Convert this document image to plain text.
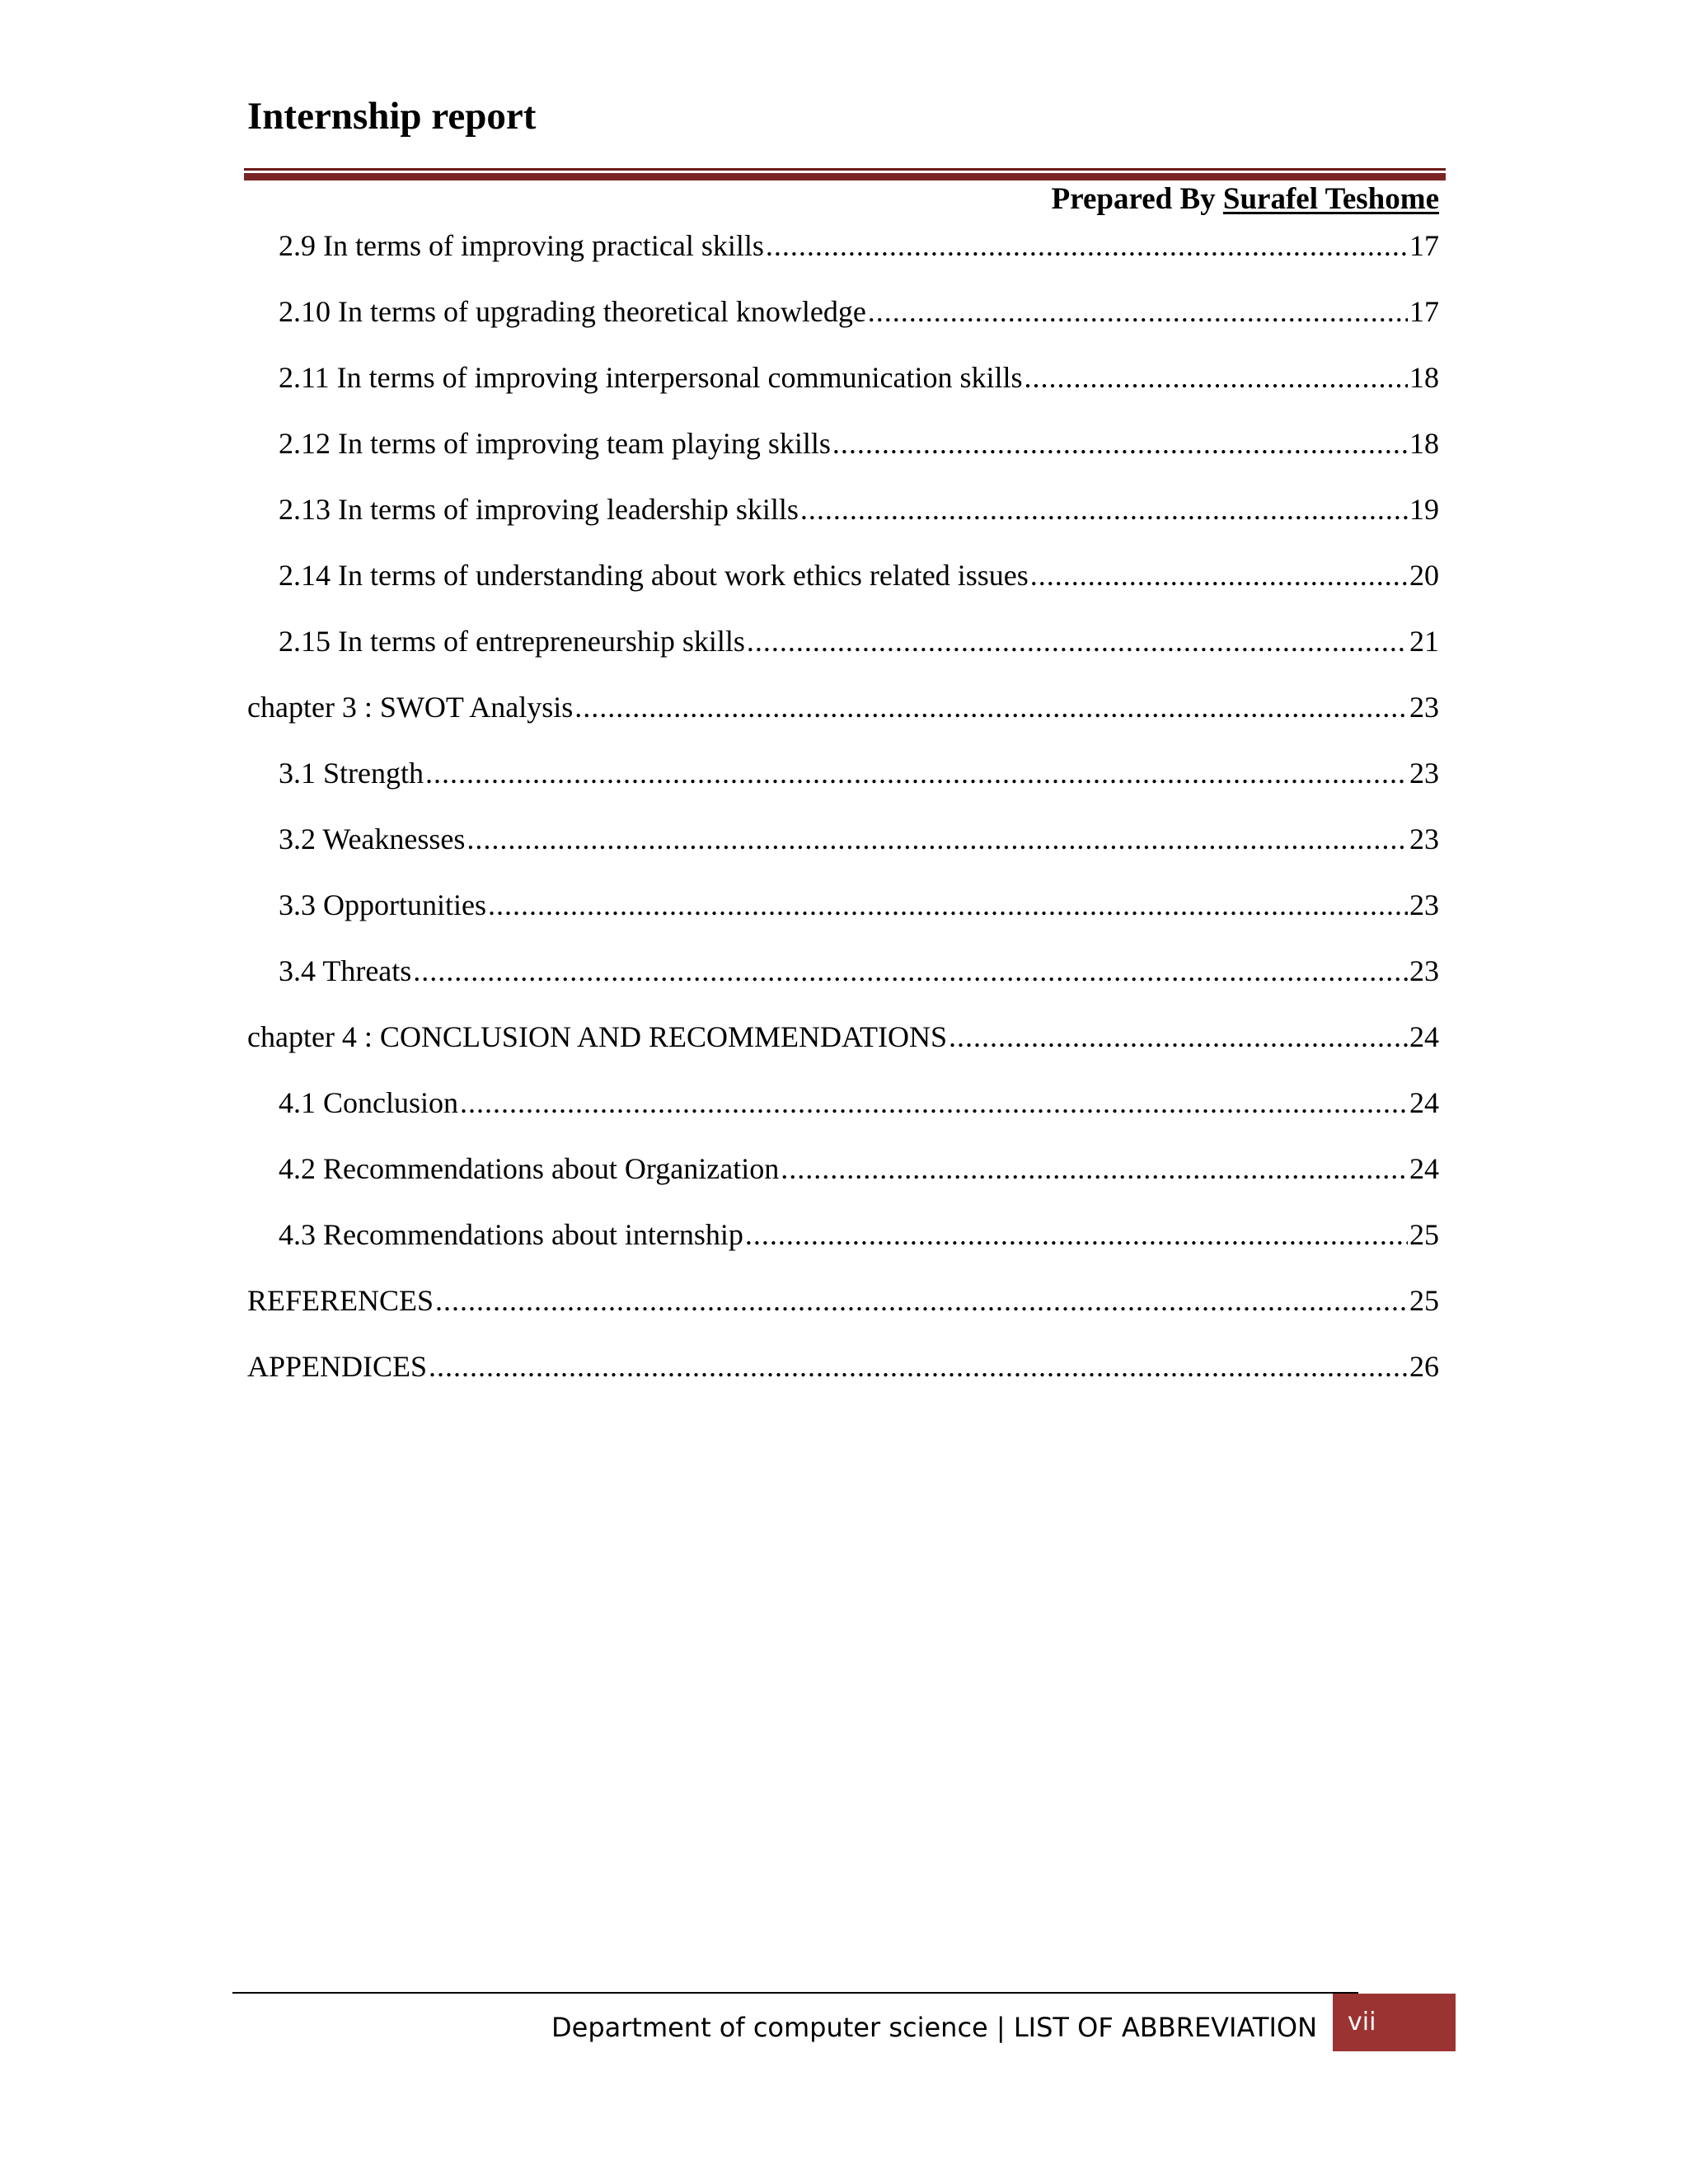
Internship report
Prepared By Surafel Teshome
2.9 In terms of improving practical skills .....	17
2.10 In terms of upgrading theoretical knowledge .....	17
2.11 In terms of improving interpersonal communication skills .....	18
2.12 In terms of improving team playing skills .....	18
2.13 In terms of improving leadership skills .....	19
2.14 In terms of understanding about work ethics related issues .....	20
2.15 In terms of entrepreneurship skills .....	21
chapter 3 : SWOT Analysis .....	23
3.1 Strength .....	23
3.2 Weaknesses .....	23
3.3 Opportunities .....	23
3.4 Threats .....	23
chapter 4 : CONCLUSION AND RECOMMENDATIONS .....	24
4.1 Conclusion .....	24
4.2 Recommendations about Organization .....	24
4.3 Recommendations about internship .....	25
REFERENCES .....	25
APPENDICES .....	26
Department of computer science | LIST OF ABBREVIATION	vii
